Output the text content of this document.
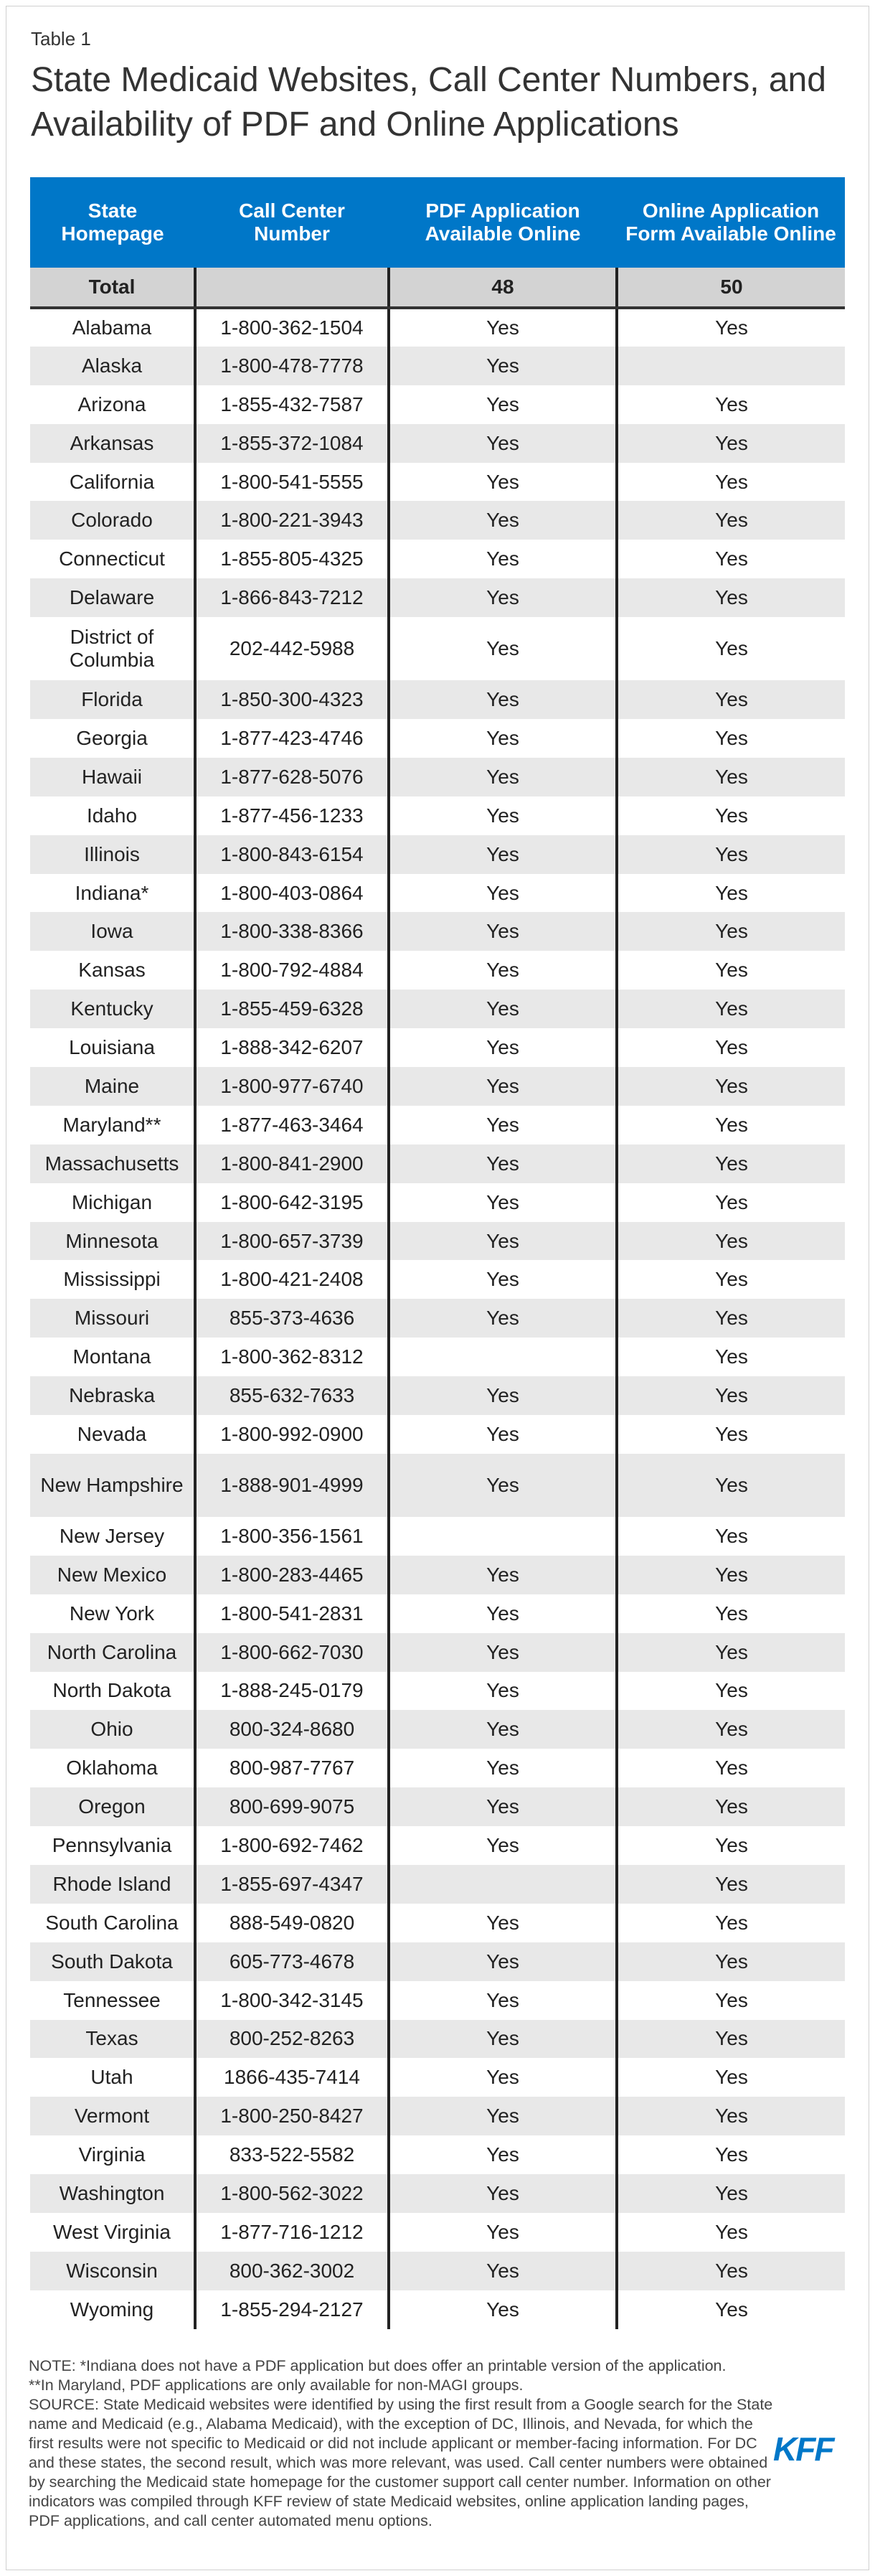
Table 1
State Medicaid Websites, Call Center Numbers, and Availability of PDF and Online Applications
State Homepage	Call Center Number	PDF Application Available Online	Online Application Form Available Online
Total		48	50
Alabama	1-800-362-1504	Yes	Yes
Alaska	1-800-478-7778	Yes	
Arizona	1-855-432-7587	Yes	Yes
Arkansas	1-855-372-1084	Yes	Yes
California	1-800-541-5555	Yes	Yes
Colorado	1-800-221-3943	Yes	Yes
Connecticut	1-855-805-4325	Yes	Yes
Delaware	1-866-843-7212	Yes	Yes
District of Columbia	202-442-5988	Yes	Yes
Florida	1-850-300-4323	Yes	Yes
Georgia	1-877-423-4746	Yes	Yes
Hawaii	1-877-628-5076	Yes	Yes
Idaho	1-877-456-1233	Yes	Yes
Illinois	1-800-843-6154	Yes	Yes
Indiana*	1-800-403-0864	Yes	Yes
Iowa	1-800-338-8366	Yes	Yes
Kansas	1-800-792-4884	Yes	Yes
Kentucky	1-855-459-6328	Yes	Yes
Louisiana	1-888-342-6207	Yes	Yes
Maine	1-800-977-6740	Yes	Yes
Maryland**	1-877-463-3464	Yes	Yes
Massachusetts	1-800-841-2900	Yes	Yes
Michigan	1-800-642-3195	Yes	Yes
Minnesota	1-800-657-3739	Yes	Yes
Mississippi	1-800-421-2408	Yes	Yes
Missouri	855-373-4636	Yes	Yes
Montana	1-800-362-8312		Yes
Nebraska	855-632-7633	Yes	Yes
Nevada	1-800-992-0900	Yes	Yes
New Hampshire	1-888-901-4999	Yes	Yes
New Jersey	1-800-356-1561		Yes
New Mexico	1-800-283-4465	Yes	Yes
New York	1-800-541-2831	Yes	Yes
North Carolina	1-800-662-7030	Yes	Yes
North Dakota	1-888-245-0179	Yes	Yes
Ohio	800-324-8680	Yes	Yes
Oklahoma	800-987-7767	Yes	Yes
Oregon	800-699-9075	Yes	Yes
Pennsylvania	1-800-692-7462	Yes	Yes
Rhode Island	1-855-697-4347		Yes
South Carolina	888-549-0820	Yes	Yes
South Dakota	605-773-4678	Yes	Yes
Tennessee	1-800-342-3145	Yes	Yes
Texas	800-252-8263	Yes	Yes
Utah	1866-435-7414	Yes	Yes
Vermont	1-800-250-8427	Yes	Yes
Virginia	833-522-5582	Yes	Yes
Washington	1-800-562-3022	Yes	Yes
West Virginia	1-877-716-1212	Yes	Yes
Wisconsin	800-362-3002	Yes	Yes
Wyoming	1-855-294-2127	Yes	Yes
NOTE: *Indiana does not have a PDF application but does offer an printable version of the application.
**In Maryland, PDF applications are only available for non-MAGI groups.
SOURCE: State Medicaid websites were identified by using the first result from a Google search for the State name and Medicaid (e.g., Alabama Medicaid), with the exception of DC, Illinois, and Nevada, for which the first results were not specific to Medicaid or did not include applicant or member-facing information. For DC and these states, the second result, which was more relevant, was used. Call center numbers were obtained by searching the Medicaid state homepage for the customer support call center number. Information on other indicators was compiled through KFF review of state Medicaid websites, online application landing pages, PDF applications, and call center automated menu options.
KFF
